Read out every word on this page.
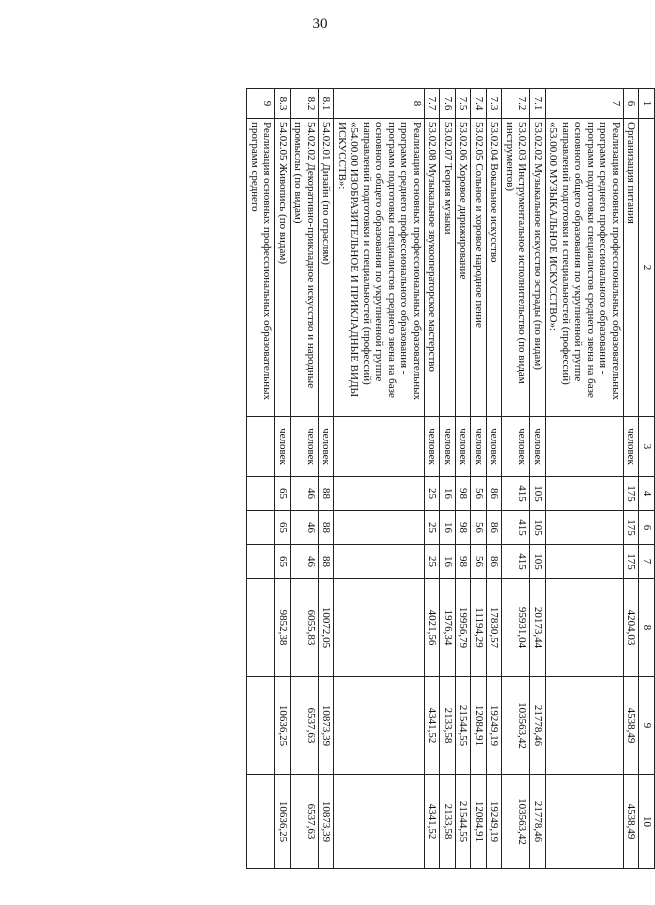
30
1	2	3	4	6	7	8	9	10
6	Организация питания	человек	175	175	175	4204,03	4538,49	4538,49
7	Реализация основных профессиональных образовательных программ среднего профессионального образования - программ подготовки специалистов среднего звена на базе основного общего образования по укрупненной группе направлений подготовки и специальностей (профессий) «53.00.00 МУЗЫКАЛЬНОЕ ИСКУССТВО»:							
7.1	53.02.02 Музыкальное искусство эстрады (по видам)	человек	105	105	105	20173,44	21778,46	21778,46
7.2	53.02.03 Инструментальное исполнительство (по видам инструментов)	человек	415	415	415	95931,04	103563,42	103563,42
7.3	53.02.04 Вокальное искусство	человек	86	86	86	17830,57	19249,19	19249,19
7.4	53.02.05 Сольное и хоровое народное пение	человек	56	56	56	11194,29	12084,91	12084,91
7.5	53.02.06 Хоровое дирижирование	человек	98	98	98	19956,79	21544,55	21544,55
7.6	53.02.07 Теория музыки	человек	16	16	16	1976,34	2133,58	2133,58
7.7	53.02.08 Музыкальное звукооператорское мастерство	человек	25	25	25	4021,56	4341,52	4341,52
8	Реализация основных профессиональных образовательных программ среднего профессионального образования - программ подготовки специалистов среднего звена на базе основного общего образования по укрупненной группе направлений подготовки и специальностей (профессий) «54.00.00 ИЗОБРАЗИТЕЛЬНОЕ И ПРИКЛАДНЫЕ ВИДЫ ИСКУССТВ»:							
8.1	54.02.01 Дизайн (по отраслям)	человек	88	88	88	10072,05	10873,39	10873,39
8.2	54.02.02 Декоративно-прикладное искусство и народные промыслы (по видам)	человек	46	46	46	6055,83	6537,63	6537,63
8.3	54.02.05 Живопись (по видам)	человек	65	65	65	9852,38	10636,25	10636,25
9	Реализация основных профессиональных образовательных программ среднего							
